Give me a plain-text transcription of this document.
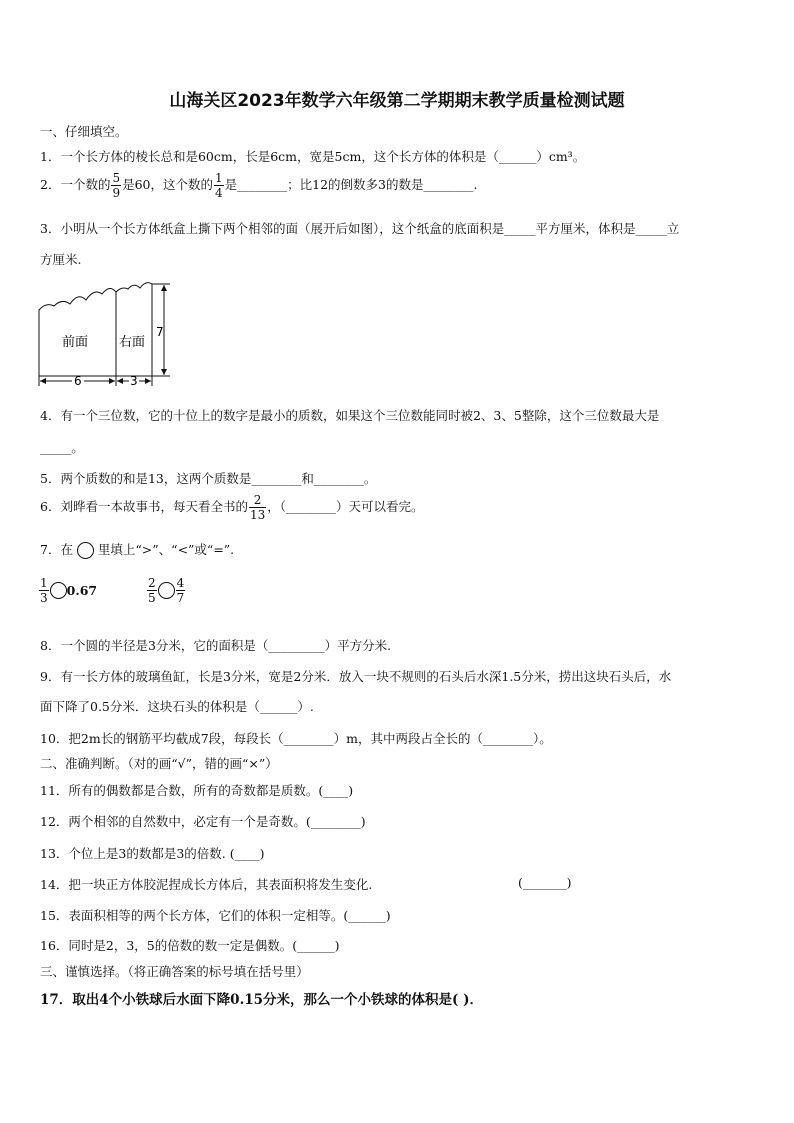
山海关区2023年数学六年级第二学期期末教学质量检测试题
一、仔细填空。
1．一个长方体的棱长总和是60cm，长是6cm，宽是5cm，这个长方体的体积是（______）cm³。
2．一个数的 $\frac{5}{9}$ 是60，这个数的 $\frac{1}{4}$ 是________；比12的倒数多3的数是________.
3．小明从一个长方体纸盒上撕下两个相邻的面（展开后如图），这个纸盒的底面积是_____平方厘米，体积是_____立
方厘米.
前面 右面
7
6	3
4．有一个三位数，它的十位上的数字是最小的质数，如果这个三位数能同时被2、3、5整除，这个三位数最大是
_____。
5．两个质数的和是13，这两个质数是________和________。
6．刘晔看一本故事书，每天看全书的 $\frac{2}{13}$ ，（________）天可以看完。
7．在 里填上“>”、“<”或“=”.
$\frac{1}{3} 0.67$	$\frac{2}{5} \frac{4}{7}$
8．一个圆的半径是3分米，它的面积是（_________）平方分米.
9．有一长方体的玻璃鱼缸，长是3分米，宽是2分米．放入一块不规则的石头后水深1.5分米，捞出这块石头后，水
面下降了0.5分米．这块石头的体积是（______）.
10．把2m长的钢筋平均截成7段，每段长（________）m，其中两段占全长的（________）。
二、准确判断。（对的画“√”，错的画“×”）
11．所有的偶数都是合数，所有的奇数都是质数。(____)
12．两个相邻的自然数中，必定有一个是奇数。(________)
13．个位上是3的数都是3的倍数. (____)
14．把一块正方体胶泥捏成长方体后，其表面积将发生变化.	(_______)
15．表面积相等的两个长方体，它们的体积一定相等。(______)
16．同时是2，3，5的倍数的数一定是偶数。(______)
三、谨慎选择。（将正确答案的标号填在括号里）
17．取出4个小铁球后水面下降0.15分米，那么一个小铁球的体积是( )．
